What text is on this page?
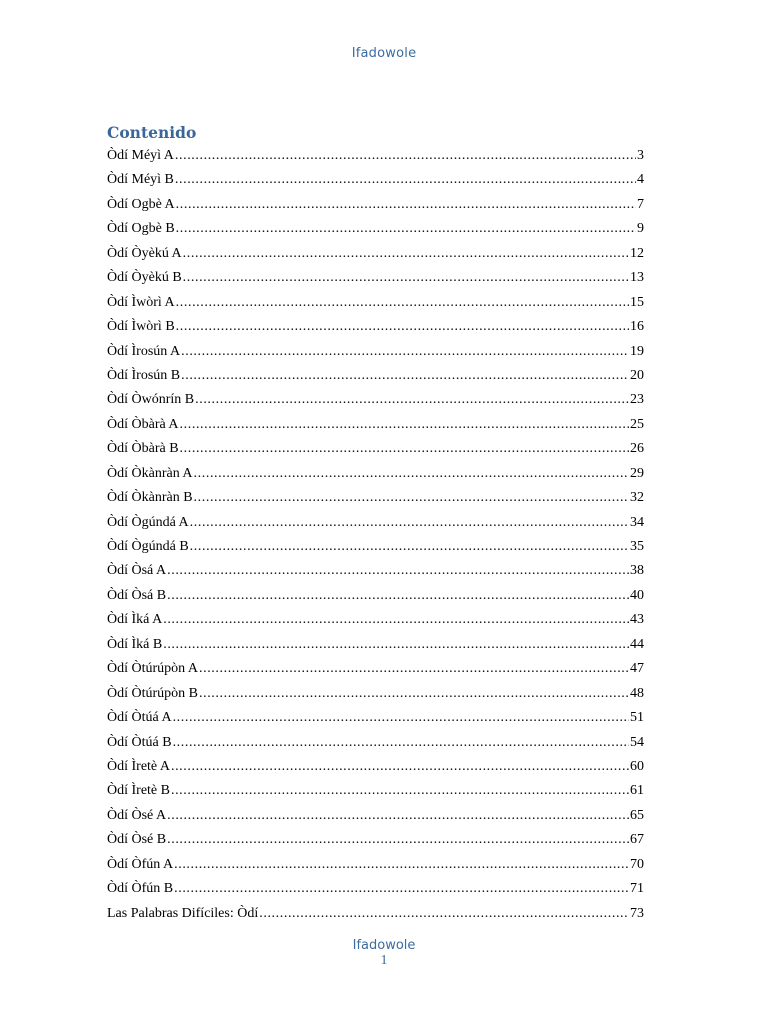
Ifadowole
Contenido
Òdí Méyì A .....	3
Òdí Méyì B .....	4
Òdí Ogbè A .....	7
Òdí Ogbè B .....	9
Òdí Òyèkú A .....	12
Òdí Òyèkú B .....	13
Òdí Ìwòrì A .....	15
Òdí Ìwòrì B .....	16
Òdí Ìrosún A .....	19
Òdí Ìrosún B .....	20
Òdí Òwónrín B .....	23
Òdí Òbàrà A .....	25
Òdí Òbàrà B .....	26
Òdí Òkànràn A .....	29
Òdí Òkànràn B .....	32
Òdí Ògúndá A .....	34
Òdí Ògúndá B .....	35
Òdí Òsá A .....	38
Òdí Òsá B .....	40
Òdí Ìká A .....	43
Òdí Ìká B .....	44
Òdí Òtúrúpòn A .....	47
Òdí Òtúrúpòn B .....	48
Òdí Òtúá A .....	51
Òdí Òtúá B .....	54
Òdí Ìretè A .....	60
Òdí Ìretè B .....	61
Òdí Òsé A .....	65
Òdí Òsé B .....	67
Òdí Òfún A .....	70
Òdí Òfún B .....	71
Las Palabras Difíciles: Òdí .....	73
Ifadowole
1
